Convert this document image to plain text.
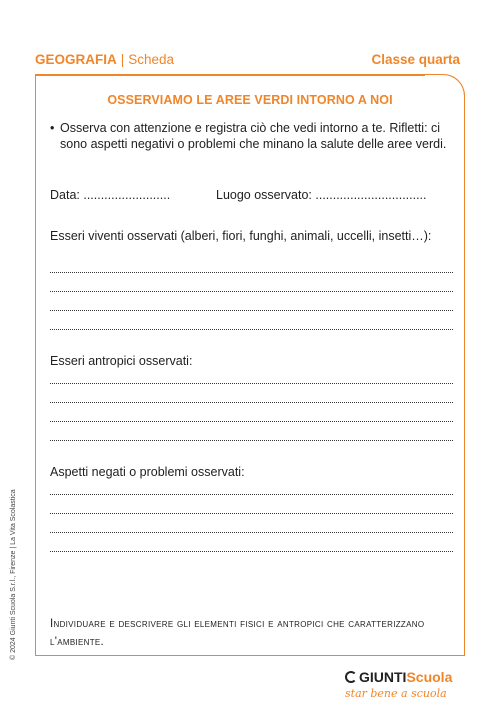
GEOGRAFIA | Scheda	Classe quarta
OSSERVIAMO LE AREE VERDI INTORNO A NOI
• Osserva con attenzione e registra ciò che vedi intorno a te. Rifletti: ci sono aspetti negativi o problemi che minano la salute delle aree verdi.
Data: .........................	Luogo osservato: ................................
Esseri viventi osservati (alberi, fiori, funghi, animali, uccelli, insetti…):
Esseri antropici osservati:
Aspetti negati o problemi osservati:
Individuare e descrivere gli elementi fisici e antropici che caratterizzano l'ambiente.
© 2024 Giunti Scuola S.r.l., Firenze | La Vita Scolastica
GIUNTIScuola
star bene a scuola
